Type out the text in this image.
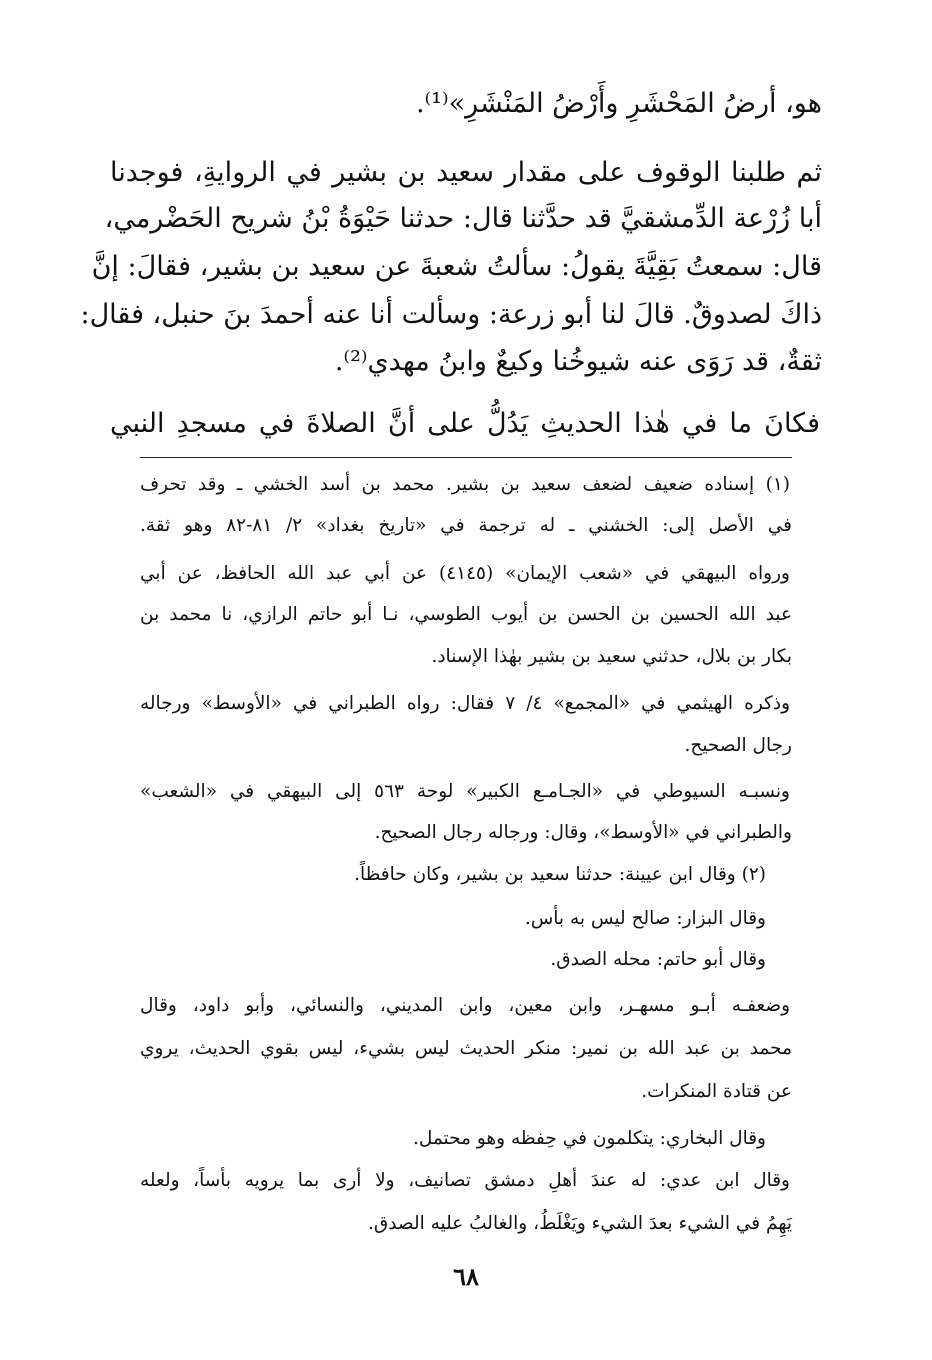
هو، أرضُ المَحْشَرِ وأَرْضُ المَنْشَرِ»⁽¹⁾.
ثم طلبنا الوقوف على مقدار سعيد بن بشير في الروايةِ، فوجدنا
أبا زُرْعة الدِّمشقيَّ قد حدَّثنا قال: حدثنا حَيْوَةُ بْنُ شريح الحَضْرمي،
قال: سمعتُ بَقِيَّةَ يقولُ: سألتُ شعبةَ عن سعيد بن بشير، فقالَ: إنَّ
ذاكَ لصدوقٌ. قالَ لنا أبو زرعة: وسألت أنا عنه أحمدَ بنَ حنبل، فقال:
ثقةٌ، قد رَوَى عنه شيوخُنا وكيعٌ وابنُ مهدي⁽²⁾.
فكانَ ما في هٰذا الحديثِ يَدُلُّ على أنَّ الصلاةَ في مسجدِ النبي
(١) إسناده ضعيف لضعف سعيد بن بشير. محمد بن أسد الخشي ـ وقد تحرف
في الأصل إلى: الخشني ـ له ترجمة في «تاريخ بغداد» ٢/ ٨١-٨٢ وهو ثقة.
ورواه البيهقي في «شعب الإيمان» (٤١٤٥) عن أبي عبد الله الحافظ، عن أبي
عبد الله الحسين بن الحسن بن أيوب الطوسي، نـا أبو حاتم الرازي، نا محمد بن
بكار بن بلال، حدثني سعيد بن بشير بهٰذا الإسناد.
وذكره الهيثمي في «المجمع» ٤/ ٧ فقال: رواه الطبراني في «الأوسط» ورجاله
رجال الصحيح.
ونسبـه السيوطي في «الجـامـع الكبير» لوحة ٥٦٣ إلى البيهقي في «الشعب»
والطبراني في «الأوسط»، وقال: ورجاله رجال الصحيح.
(٢) وقال ابن عيينة: حدثنا سعيد بن بشير، وكان حافظاً.
وقال البزار: صالح ليس به بأس.
وقال أبو حاتم: محله الصدق.
وضعفـه أبـو مسهـر، وابن معين، وابن المديني، والنسائي، وأبو داود، وقال
محمد بن عبد الله بن نمير: منكر الحديث ليس بشيء، ليس بقوي الحديث، يروي
عن قتادة المنكرات.
وقال البخاري: يتكلمون في حِفظه وهو محتمل.
وقال ابن عدي: له عندَ أهلِ دمشق تصانيف، ولا أرى بما يرويه بأساً، ولعله
يَهِمُ في الشيء بعدَ الشيء ويَغْلَطُ، والغالبُ عليه الصدق.
٦٨
